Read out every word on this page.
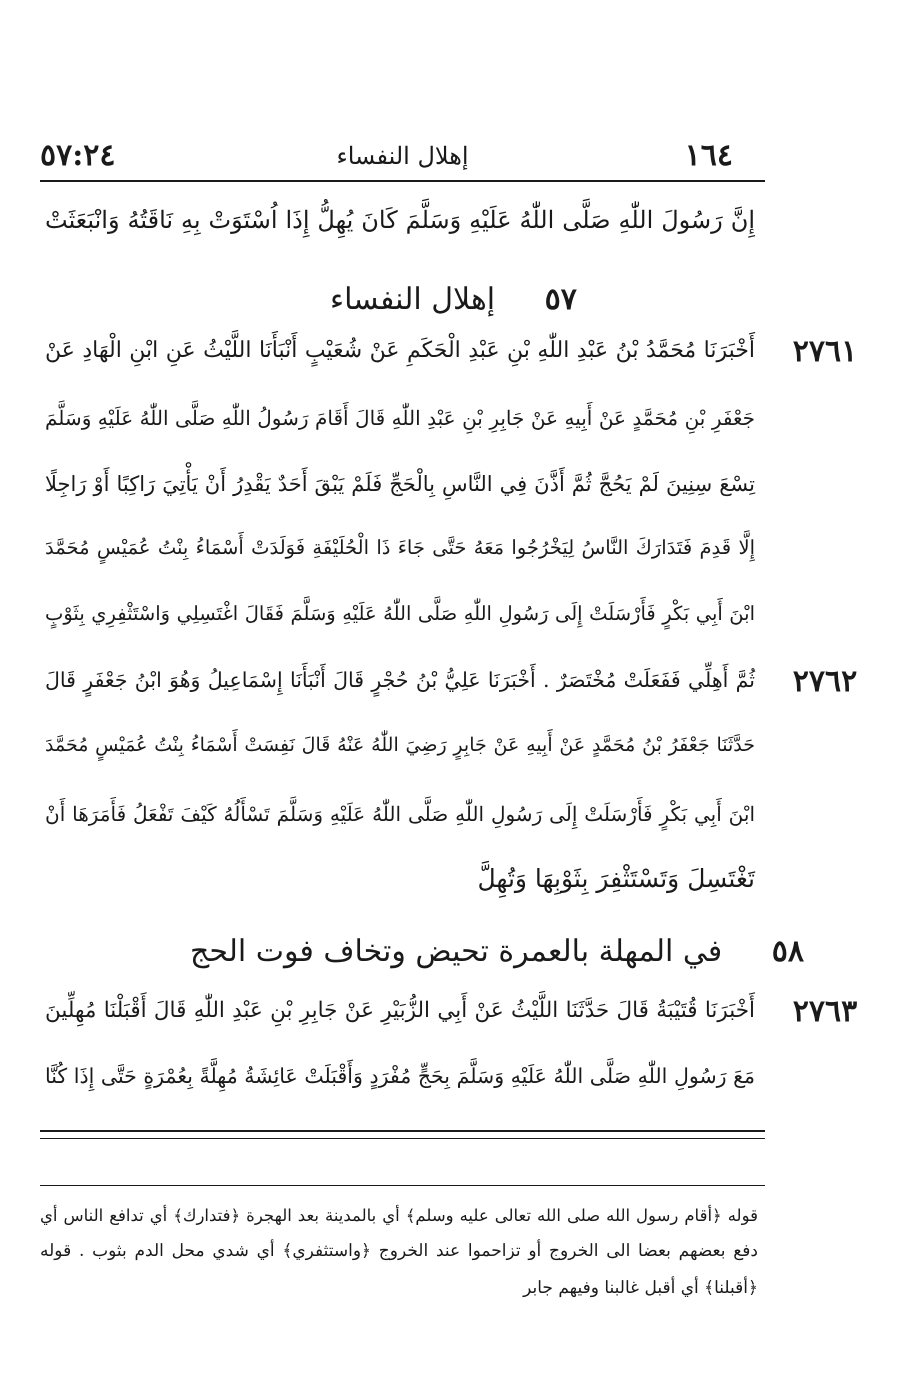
٥٧:٢٤	إهلال النفساء	١٦٤
إِنَّ رَسُولَ اللّٰهِ صَلَّى اللّٰهُ عَلَيْهِ وَسَلَّمَ كَانَ يُهِلُّ إِذَا اُسْتَوَتْ بِهِ نَاقَتُهُ وَانْبَعَثَتْ
٥٧ إهلال النفساء
٢٧٦١
أَخْبَرَنَا مُحَمَّدُ بْنُ عَبْدِ اللّٰهِ بْنِ عَبْدِ الْحَكَمِ عَنْ شُعَيْبٍ أَنْبَأَنَا اللَّيْثُ عَنِ ابْنِ الْهَادِ عَنْ
جَعْفَرِ بْنِ مُحَمَّدٍ عَنْ أَبِيهِ عَنْ جَابِرِ بْنِ عَبْدِ اللّٰهِ قَالَ أَقَامَ رَسُولُ اللّٰهِ صَلَّى اللّٰهُ عَلَيْهِ وَسَلَّمَ
تِسْعَ سِنِينَ لَمْ يَحُجَّ ثُمَّ أَذَّنَ فِي النَّاسِ بِالْحَجِّ فَلَمْ يَبْقَ أَحَدٌ يَقْدِرُ أَنْ يَأْتِيَ رَاكِبًا أَوْ رَاجِلًا
إِلَّا قَدِمَ فَتَدَارَكَ النَّاسُ لِيَخْرُجُوا مَعَهُ حَتَّى جَاءَ ذَا الْحُلَيْفَةِ فَوَلَدَتْ أَسْمَاءُ بِنْتُ عُمَيْسٍ مُحَمَّدَ
ابْنَ أَبِي بَكْرٍ فَأَرْسَلَتْ إِلَى رَسُولِ اللّٰهِ صَلَّى اللّٰهُ عَلَيْهِ وَسَلَّمَ فَقَالَ اغْتَسِلِي وَاسْتَثْفِرِي بِثَوْبٍ
٢٧٦٢
ثُمَّ أَهِلِّي فَفَعَلَتْ مُخْتَصَرٌ . أَخْبَرَنَا عَلِيُّ بْنُ حُجْرٍ قَالَ أَنْبَأَنَا إِسْمَاعِيلُ وَهُوَ ابْنُ جَعْفَرٍ قَالَ
حَدَّثَنَا جَعْفَرُ بْنُ مُحَمَّدٍ عَنْ أَبِيهِ عَنْ جَابِرٍ رَضِيَ اللّٰهُ عَنْهُ قَالَ نَفِسَتْ أَسْمَاءُ بِنْتُ عُمَيْسٍ مُحَمَّدَ
ابْنَ أَبِي بَكْرٍ فَأَرْسَلَتْ إِلَى رَسُولِ اللّٰهِ صَلَّى اللّٰهُ عَلَيْهِ وَسَلَّمَ تَسْأَلُهُ كَيْفَ تَفْعَلُ فَأَمَرَهَا أَنْ
تَغْتَسِلَ وَتَسْتَثْفِرَ بِثَوْبِهَا وَتُهِلَّ
٥٨ في المهلة بالعمرة تحيض وتخاف فوت الحج
٢٧٦٣
أَخْبَرَنَا قُتَيْبَةُ قَالَ حَدَّثَنَا اللَّيْثُ عَنْ أَبِي الزُّبَيْرِ عَنْ جَابِرِ بْنِ عَبْدِ اللّٰهِ قَالَ أَقْبَلْنَا مُهِلِّينَ
مَعَ رَسُولِ اللّٰهِ صَلَّى اللّٰهُ عَلَيْهِ وَسَلَّمَ بِحَجٍّ مُفْرَدٍ وَأَقْبَلَتْ عَائِشَةُ مُهِلَّةً بِعُمْرَةٍ حَتَّى إِذَا كُنَّا
قوله ﴿أقام رسول الله صلى الله تعالى عليه وسلم﴾ أي بالمدينة بعد الهجرة ﴿فتدارك﴾ أي تدافع الناس أي
دفع بعضهم بعضا الى الخروج أو تزاحموا عند الخروج ﴿واستثفري﴾ أي شدي محل الدم بثوب . قوله
﴿أقبلنا﴾ أي أقبل غالبنا وفيهم جابر
